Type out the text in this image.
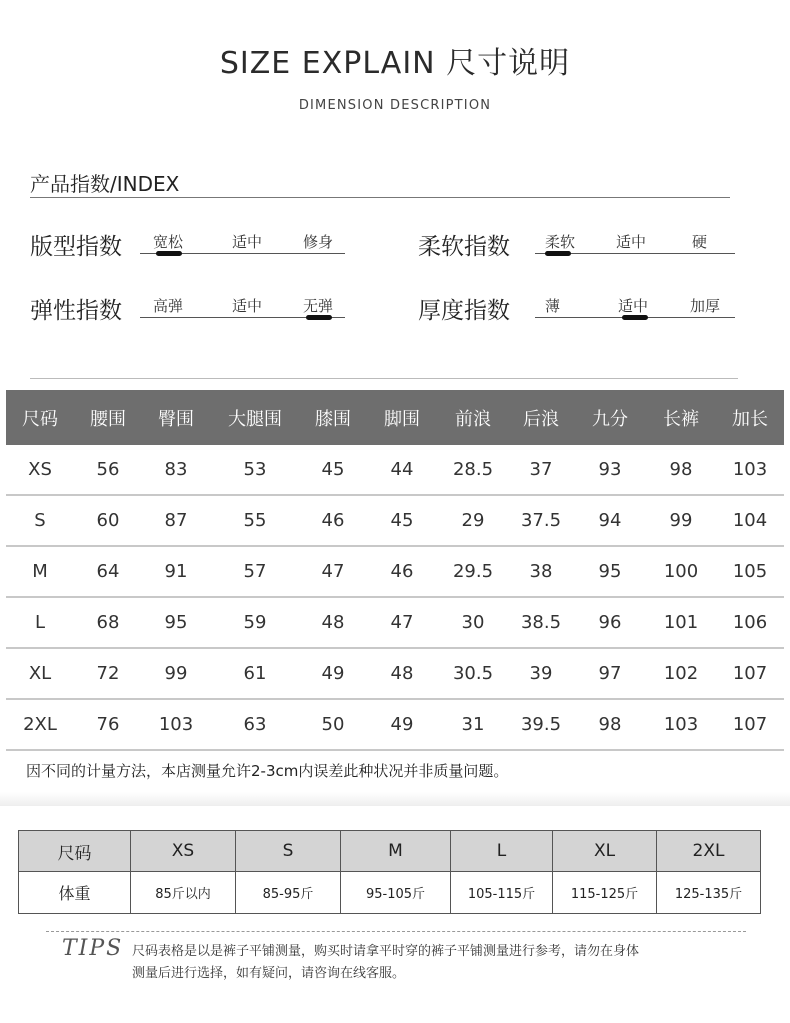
SIZE EXPLAIN 尺寸说明
DIMENSION DESCRIPTION
产品指数/INDEX
版型指数 宽松	适中	修身	柔软指数 柔软	适中	硬
弹性指数 高弹	适中	无弹	厚度指数 薄	适中	加厚
尺码	腰围	臀围	大腿围	膝围	脚围	前浪	后浪	九分	长裤	加长
XS	56	83	53	45	44	28.5	37	93	98	103
S	60	87	55	46	45	29	37.5	94	99	104
M	64	91	57	47	46	29.5	38	95	100	105
L	68	95	59	48	47	30	38.5	96	101	106
XL	72	99	61	49	48	30.5	39	97	102	107
2XL	76	103	63	50	49	31	39.5	98	103	107
因不同的计量方法，本店测量允许2-3cm内误差此种状况并非质量问题。
尺码	XS	S	M	L	XL	2XL
体重	85斤以内	85-95斤	95-105斤	105-115斤	115-125斤	125-135斤
TIPS 尺码表格是以是裤子平铺测量，购买时请拿平时穿的裤子平铺测量进行参考，请勿在身体
测量后进行选择，如有疑问，请咨询在线客服。
